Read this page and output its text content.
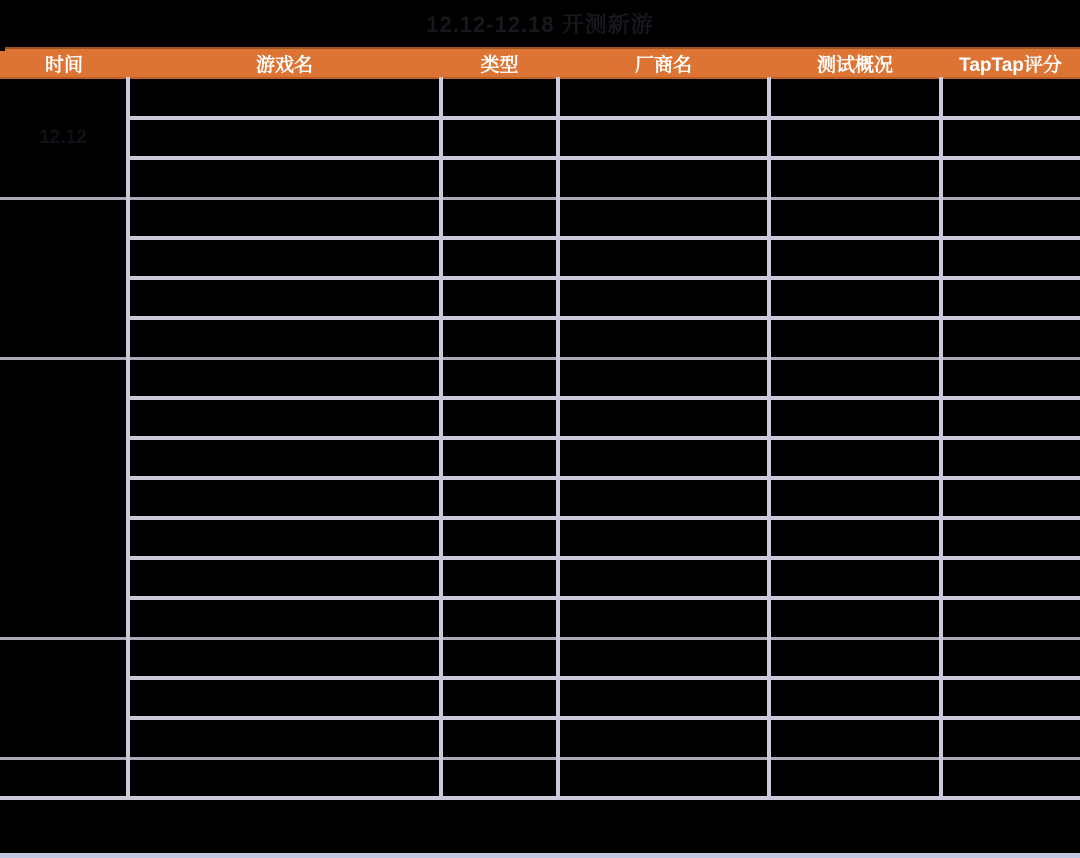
12.12-12.18 开测新游
时间	游戏名	类型	厂商名	测试概况	TapTap评分
12.12					
